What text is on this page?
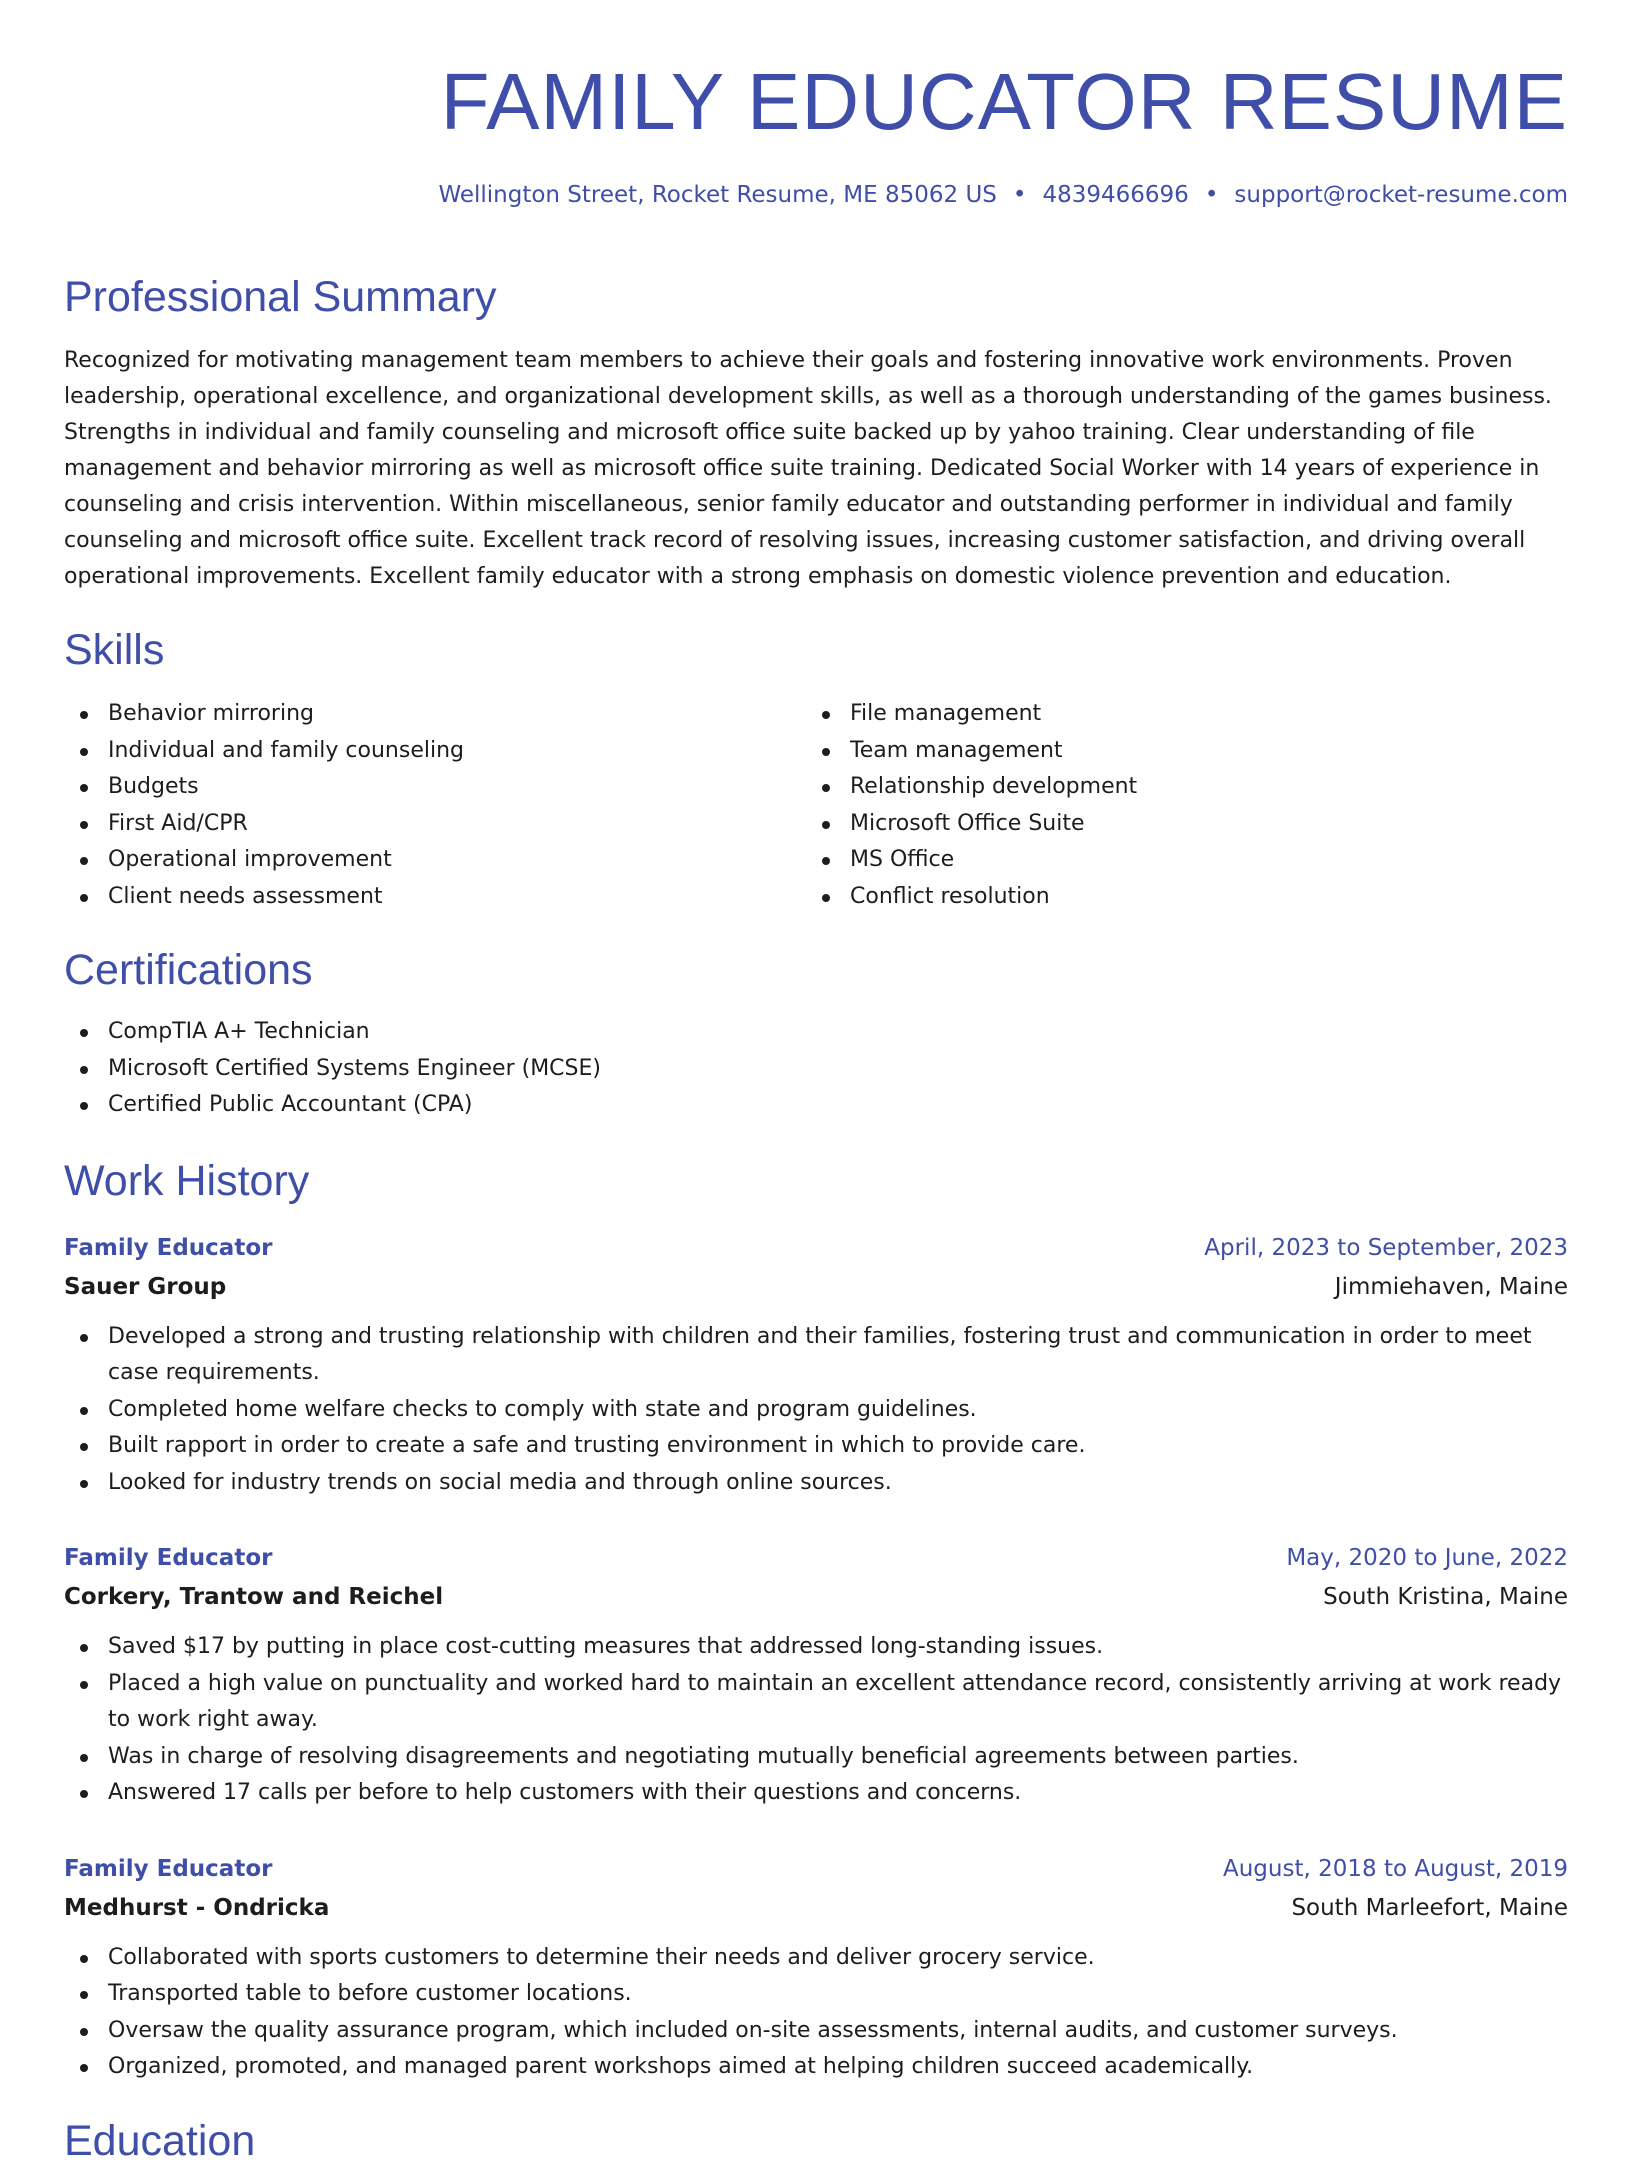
FAMILY EDUCATOR RESUME
Wellington Street, Rocket Resume, ME 85062 US • 4839466696 • support@rocket-resume.com
Professional Summary

Recognized for motivating management team members to achieve their goals and fostering innovative work environments. Proven leadership, operational excellence, and organizational development skills, as well as a thorough understanding of the games business. Strengths in individual and family counseling and microsoft office suite backed up by yahoo training. Clear understanding of file management and behavior mirroring as well as microsoft office suite training. Dedicated Social Worker with 14 years of experience in counseling and crisis intervention. Within miscellaneous, senior family educator and outstanding performer in individual and family counseling and microsoft office suite. Excellent track record of resolving issues, increasing customer satisfaction, and driving overall operational improvements. Excellent family educator with a strong emphasis on domestic violence prevention and education.

Skills
Behavior mirroring
Individual and family counseling
Budgets
First Aid/CPR
Operational improvement
Client needs assessment
File management
Team management
Relationship development
Microsoft Office Suite
MS Office
Conflict resolution
Certifications
CompTIA A+ Technician
Microsoft Certified Systems Engineer (MCSE)
Certified Public Accountant (CPA)
Work History
Family Educator	April, 2023 to September, 2023
Sauer Group	Jimmiehaven, Maine
Developed a strong and trusting relationship with children and their families, fostering trust and communication in order to meet case requirements.
Completed home welfare checks to comply with state and program guidelines.
Built rapport in order to create a safe and trusting environment in which to provide care.
Looked for industry trends on social media and through online sources.
Family Educator	May, 2020 to June, 2022
Corkery, Trantow and Reichel	South Kristina, Maine
Saved $17 by putting in place cost-cutting measures that addressed long-standing issues.
Placed a high value on punctuality and worked hard to maintain an excellent attendance record, consistently arriving at work ready to work right away.
Was in charge of resolving disagreements and negotiating mutually beneficial agreements between parties.
Answered 17 calls per before to help customers with their questions and concerns.
Family Educator	August, 2018 to August, 2019
Medhurst - Ondricka	South Marleefort, Maine
Collaborated with sports customers to determine their needs and deliver grocery service.
Transported table to before customer locations.
Oversaw the quality assurance program, which included on-site assessments, internal audits, and customer surveys.
Organized, promoted, and managed parent workshops aimed at helping children succeed academically.
Education
